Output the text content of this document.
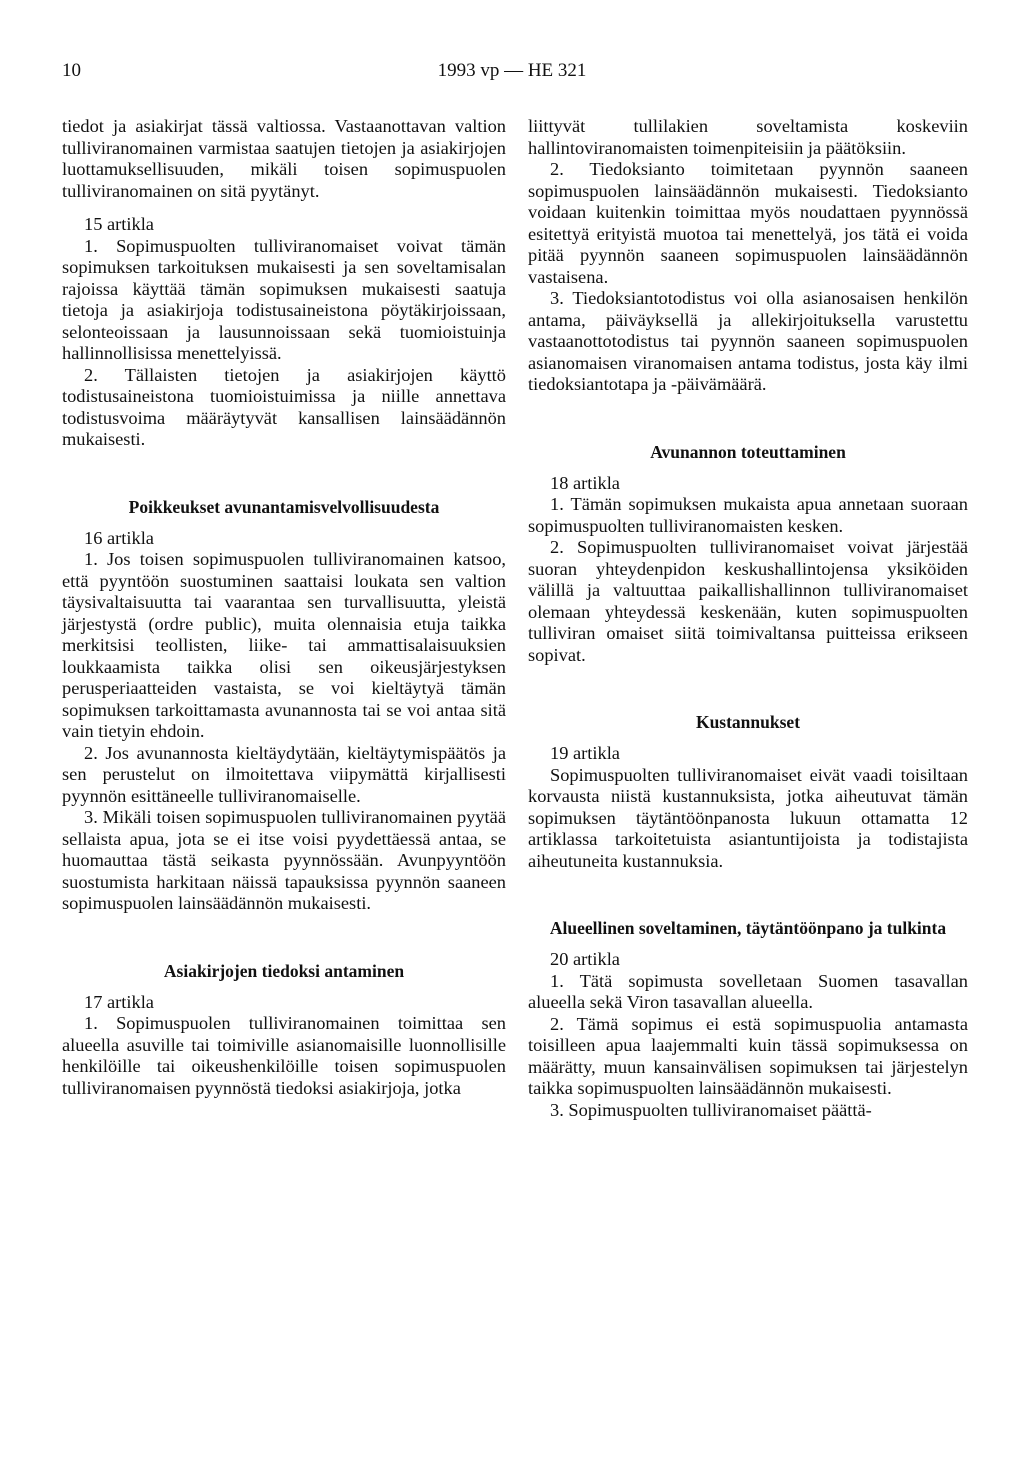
10	1993 vp — HE 321

tiedot ja asiakirjat tässä valtiossa. Vastaanottavan valtion tulliviranomainen varmistaa saatujen tietojen ja asiakirjojen luottamuksellisuuden, mikäli toisen sopimuspuolen tulliviranomainen on sitä pyytänyt.

15 artikla

1. Sopimuspuolten tulliviranomaiset voivat tämän sopimuksen tarkoituksen mukaisesti ja sen soveltamisalan rajoissa käyttää tämän sopimuksen mukaisesti saatuja tietoja ja asiakirjoja todistusaineistona pöytäkirjoissaan, selonteoissaan ja lausunnoissaan sekä tuomioistuinja hallinnollisissa menettelyissä.

2. Tällaisten tietojen ja asiakirjojen käyttö todistusaineistona tuomioistuimissa ja niille annettava todistusvoima määräytyvät kansallisen lainsäädännön mukaisesti.

Poikkeukset avunantamisvelvollisuudesta

16 artikla

1. Jos toisen sopimuspuolen tulliviranomainen katsoo, että pyyntöön suostuminen saattaisi loukata sen valtion täysivaltaisuutta tai vaarantaa sen turvallisuutta, yleistä järjestystä (ordre public), muita olennaisia etuja taikka merkitsisi teollisten, liike- tai ammattisalaisuuksien loukkaamista taikka olisi sen oikeusjärjestyksen perusperiaatteiden vastaista, se voi kieltäytyä tämän sopimuksen tarkoittamasta avunannosta tai se voi antaa sitä vain tietyin ehdoin.

2. Jos avunannosta kieltäydytään, kieltäytymispäätös ja sen perustelut on ilmoitettava viipymättä kirjallisesti pyynnön esittäneelle tulliviranomaiselle.

3. Mikäli toisen sopimuspuolen tulliviranomainen pyytää sellaista apua, jota se ei itse voisi pyydettäessä antaa, se huomauttaa tästä seikasta pyynnössään. Avunpyyntöön suostumista harkitaan näissä tapauksissa pyynnön saaneen sopimuspuolen lainsäädännön mukaisesti.

Asiakirjojen tiedoksi antaminen

17 artikla

1. Sopimuspuolen tulliviranomainen toimittaa sen alueella asuville tai toimiville asianomaisille luonnollisille henkilöille tai oikeushenkilöille toisen sopimuspuolen tulliviranomaisen pyynnöstä tiedoksi asiakirjoja, jotka

liittyvät tullilakien soveltamista koskeviin hallintoviranomaisten toimenpiteisiin ja päätöksiin.

2. Tiedoksianto toimitetaan pyynnön saaneen sopimuspuolen lainsäädännön mukaisesti. Tiedoksianto voidaan kuitenkin toimittaa myös noudattaen pyynnössä esitettyä erityistä muotoa tai menettelyä, jos tätä ei voida pitää pyynnön saaneen sopimuspuolen lainsäädännön vastaisena.

3. Tiedoksiantotodistus voi olla asianosaisen henkilön antama, päiväyksellä ja allekirjoituksella varustettu vastaanottotodistus tai pyynnön saaneen sopimuspuolen asianomaisen viranomaisen antama todistus, josta käy ilmi tiedoksiantotapa ja -päivämäärä.

Avunannon toteuttaminen

18 artikla

1. Tämän sopimuksen mukaista apua annetaan suoraan sopimuspuolten tulliviranomaisten kesken.

2. Sopimuspuolten tulliviranomaiset voivat järjestää suoran yhteydenpidon keskushallintojensa yksiköiden välillä ja valtuuttaa paikallishallinnon tulliviranomaiset olemaan yhteydessä keskenään, kuten sopimuspuolten tulliviran omaiset siitä toimivaltansa puitteissa erikseen sopivat.

Kustannukset

19 artikla

Sopimuspuolten tulliviranomaiset eivät vaadi toisiltaan korvausta niistä kustannuksista, jotka aiheutuvat tämän sopimuksen täytäntöönpanosta lukuun ottamatta 12 artiklassa tarkoitetuista asiantuntijoista ja todistajista aiheutuneita kustannuksia.

Alueellinen soveltaminen, täytäntöönpano ja tulkinta

20 artikla

1. Tätä sopimusta sovelletaan Suomen tasavallan alueella sekä Viron tasavallan alueella.

2. Tämä sopimus ei estä sopimuspuolia antamasta toisilleen apua laajemmalti kuin tässä sopimuksessa on määrätty, muun kansainvälisen sopimuksen tai järjestelyn taikka sopimuspuolten lainsäädännön mukaisesti.

3. Sopimuspuolten tulliviranomaiset päättä-
